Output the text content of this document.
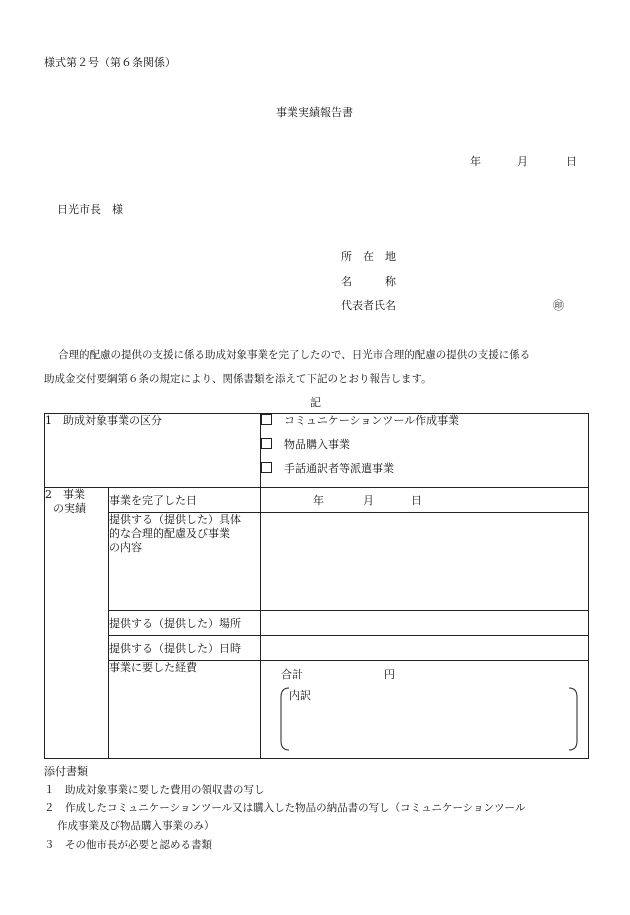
様式第２号（第６条関係）
事業実績報告書
年	月	日
日光市長　様
所　在　地
名　　　称
代表者氏名	㊞
合理的配慮の提供の支援に係る助成対象事業を完了したので、日光市合理的配慮の提供の支援に係る
助成金交付要綱第６条の規定により、関係書類を添えて下記のとおり報告します。
記
1　助成対象事業の区分		コミュニケーションツール作成事業
物品購入事業
手話通訳者等派遣事業

2　事業
の実績	事業を完了した日	年 月 日

	提供する（提供した）具体
的な合理的配慮及び事業
の内容	

	提供する（提供した）場所	
	提供する（提供した）日時	
	事業に要した経費	合計 円
内訳
添付書類
１　助成対象事業に要した費用の領収書の写し
２　作成したコミュニケーションツール又は購入した物品の納品書の写し（コミュニケーションツール
作成事業及び物品購入事業のみ）
３　その他市長が必要と認める書類
